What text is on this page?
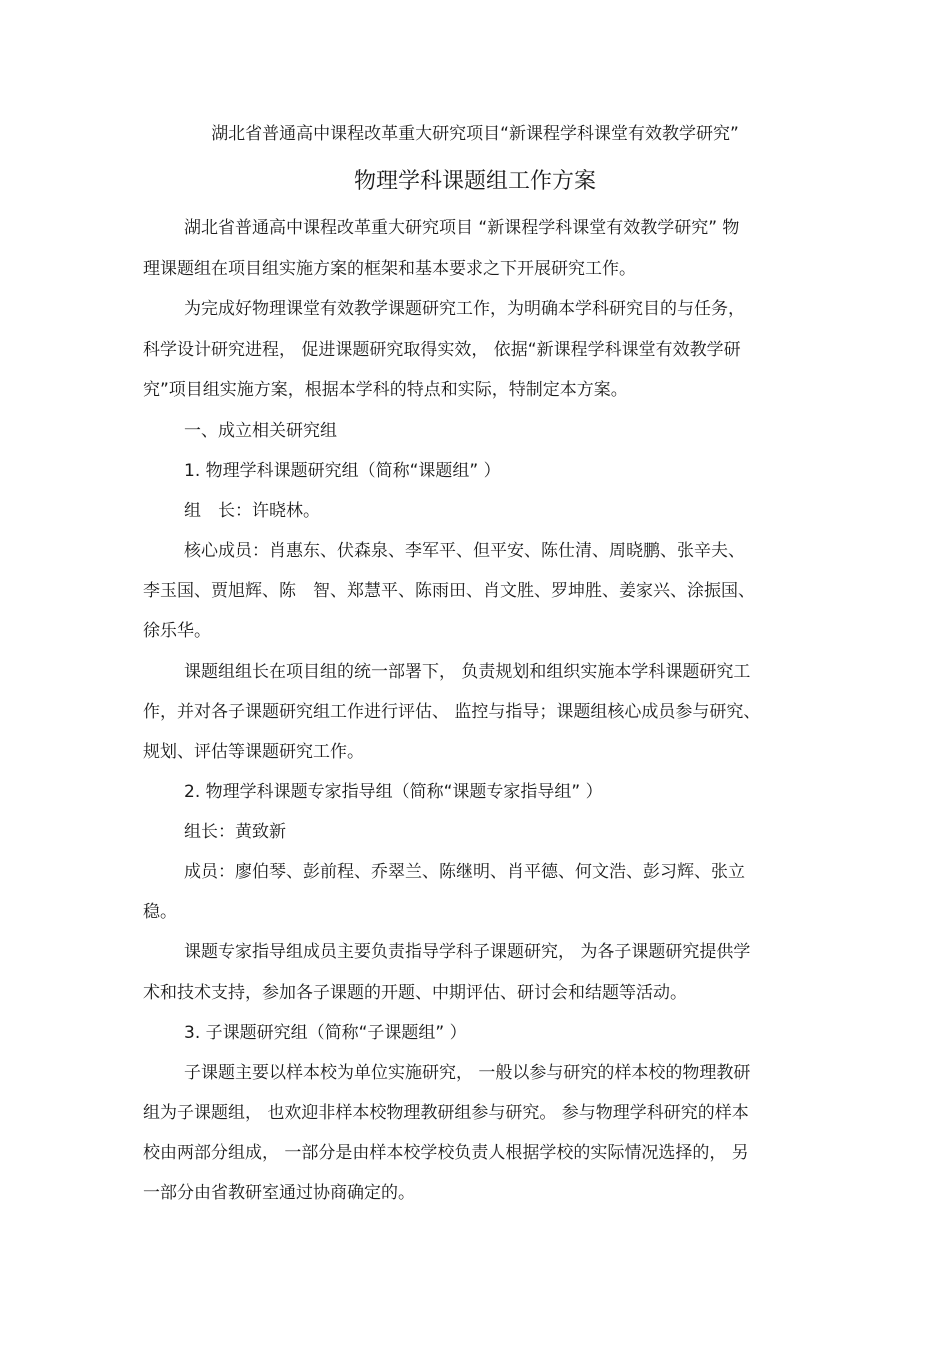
湖北省普通高中课程改革重大研究项目“新课程学科课堂有效教学研究”
物理学科课题组工作方案
湖北省普通高中课程改革重大研究项目 “新课程学科课堂有效教学研究” 物
理课题组在项目组实施方案的框架和基本要求之下开展研究工作。
为完成好物理课堂有效教学课题研究工作，为明确本学科研究目的与任务，
科学设计研究进程， 促进课题研究取得实效， 依据“新课程学科课堂有效教学研
究”项目组实施方案，根据本学科的特点和实际，特制定本方案。
一、成立相关研究组
1. 物理学科课题研究组（简称“课题组” ）
组　长：许晓林。
核心成员：肖惠东、伏森泉、李军平、但平安、陈仕清、周晓鹏、张辛夫、
李玉国、贾旭辉、陈　智、郑慧平、陈雨田、肖文胜、罗坤胜、姜家兴、涂振国、
徐乐华。
课题组组长在项目组的统一部署下， 负责规划和组织实施本学科课题研究工
作，并对各子课题研究组工作进行评估、 监控与指导；课题组核心成员参与研究、
规划、评估等课题研究工作。
2. 物理学科课题专家指导组（简称“课题专家指导组” ）
组长：黄致新
成员：廖伯琴、彭前程、乔翠兰、陈继明、肖平德、何文浩、彭习辉、张立
稳。
课题专家指导组成员主要负责指导学科子课题研究， 为各子课题研究提供学
术和技术支持，参加各子课题的开题、中期评估、研讨会和结题等活动。
3. 子课题研究组（简称“子课题组” ）
子课题主要以样本校为单位实施研究， 一般以参与研究的样本校的物理教研
组为子课题组， 也欢迎非样本校物理教研组参与研究。 参与物理学科研究的样本
校由两部分组成， 一部分是由样本校学校负责人根据学校的实际情况选择的， 另
一部分由省教研室通过协商确定的。
